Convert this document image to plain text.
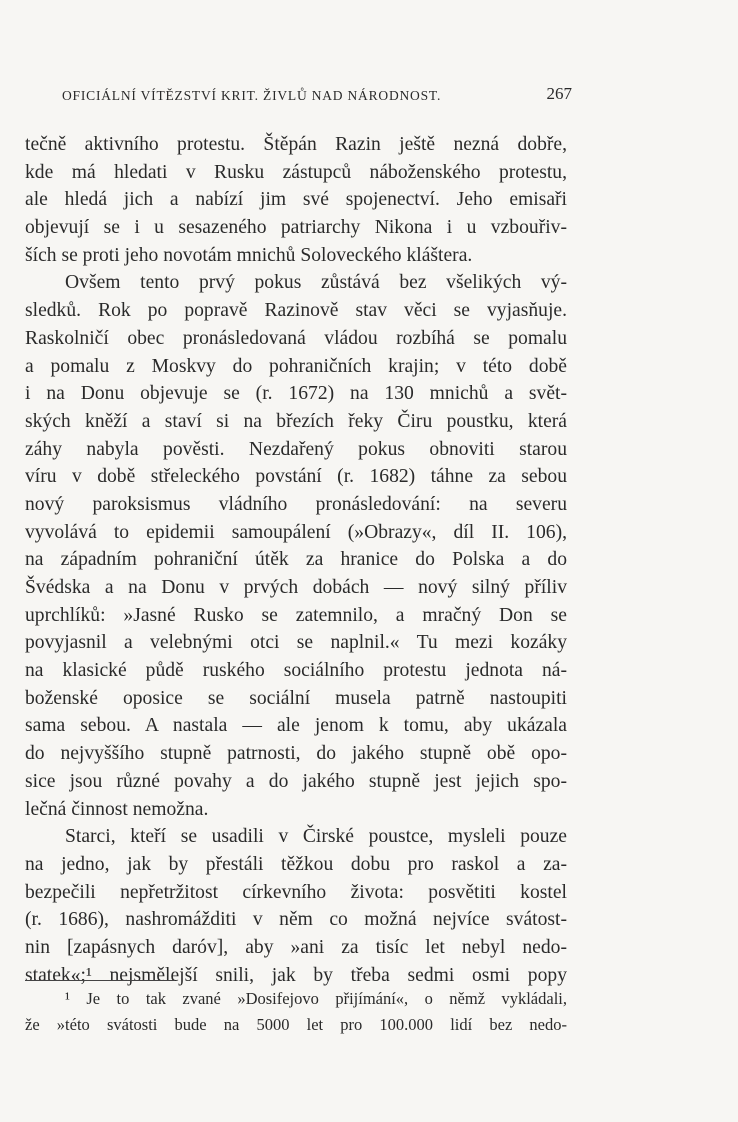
OFICIÁLNÍ VÍTĚZSTVÍ KRIT. ŽIVLŮ NAD NÁRODNOST.	267
tečně aktivního protestu. Štěpán Razin ještě nezná dobře,
kde má hledati v Rusku zástupců náboženského protestu,
ale hledá jich a nabízí jim své spojenectví. Jeho emisaři
objevují se i u sesazeného patriarchy Nikona i u vzbouřiv-
ších se proti jeho novotám mnichů Soloveckého kláštera.
Ovšem tento prvý pokus zůstává bez všelikých vý-
sledků. Rok po popravě Razinově stav věci se vyjasňuje.
Raskolničí obec pronásledovaná vládou rozbíhá se pomalu
a pomalu z Moskvy do pohraničních krajin; v této době
i na Donu objevuje se (r. 1672) na 130 mnichů a svět-
ských kněží a staví si na březích řeky Čiru poustku, která
záhy nabyla pověsti. Nezdařený pokus obnoviti starou
víru v době střeleckého povstání (r. 1682) táhne za sebou
nový paroksismus vládního pronásledování: na severu
vyvolává to epidemii samoupálení (»Obrazy«, díl II. 106),
na západním pohraniční útěk za hranice do Polska a do
Švédska a na Donu v prvých dobách — nový silný příliv
uprchlíků: »Jasné Rusko se zatemnilo, a mračný Don se
povyjasnil a velebnými otci se naplnil.« Tu mezi kozáky
na klasické půdě ruského sociálního protestu jednota ná-
boženské oposice se sociální musela patrně nastoupiti
sama sebou. A nastala — ale jenom k tomu, aby ukázala
do nejvyššího stupně patrnosti, do jakého stupně obě opo-
sice jsou různé povahy a do jakého stupně jest jejich spo-
lečná činnost nemožna.
Starci, kteří se usadili v Čirské poustce, mysleli pouze
na jedno, jak by přestáli těžkou dobu pro raskol a za-
bezpečili nepřetržitost církevního života: posvětiti kostel
(r. 1686), nashromážditi v něm co možná nejvíce svátost-
nin [zapásnych daróv], aby »ani za tisíc let nebyl nedo-
statek«;¹ nejsmělejší snili, jak by třeba sedmi osmi popy
¹ Je to tak zvané »Dosifejovo přijímání«, o němž vykládali,
že »této svátosti bude na 5000 let pro 100.000 lidí bez nedo-
